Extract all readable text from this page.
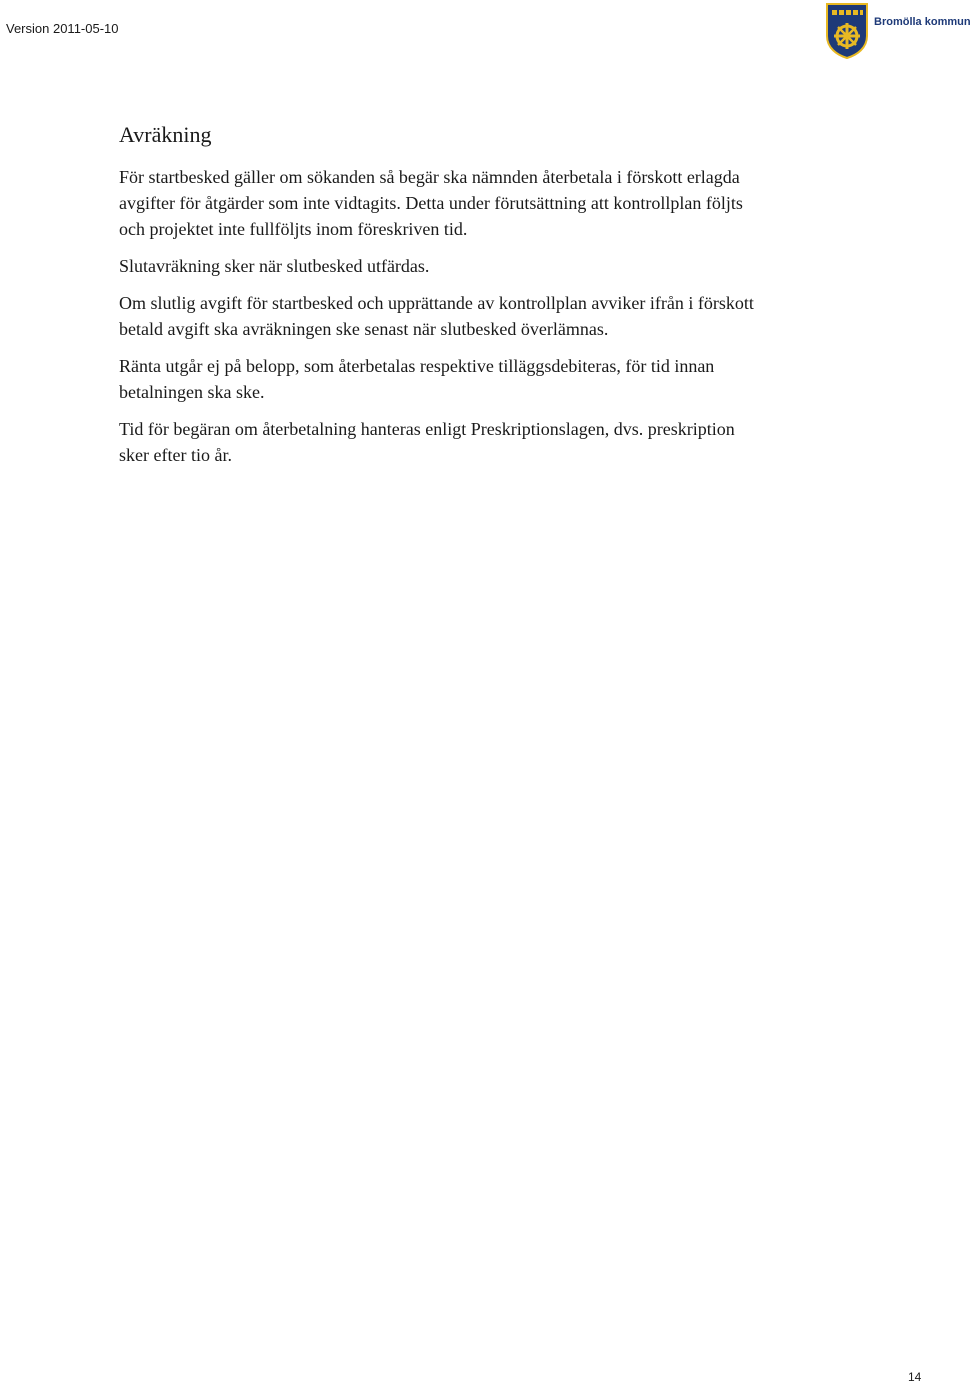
Version 2011-05-10	Bromölla kommun

Avräkning

För startbesked gäller om sökanden så begär ska nämnden återbetala i förskott erlagda avgifter för åtgärder som inte vidtagits. Detta under förutsättning att kontrollplan följts och projektet inte fullföljts inom föreskriven tid.

Slutavräkning sker när slutbesked utfärdas.

Om slutlig avgift för startbesked och upprättande av kontrollplan avviker ifrån i förskott betald avgift ska avräkningen ske senast när slutbesked överlämnas.

Ränta utgår ej på belopp, som återbetalas respektive tilläggsdebiteras, för tid innan betalningen ska ske.

Tid för begäran om återbetalning hanteras enligt Preskriptionslagen, dvs. preskription sker efter tio år.

14
